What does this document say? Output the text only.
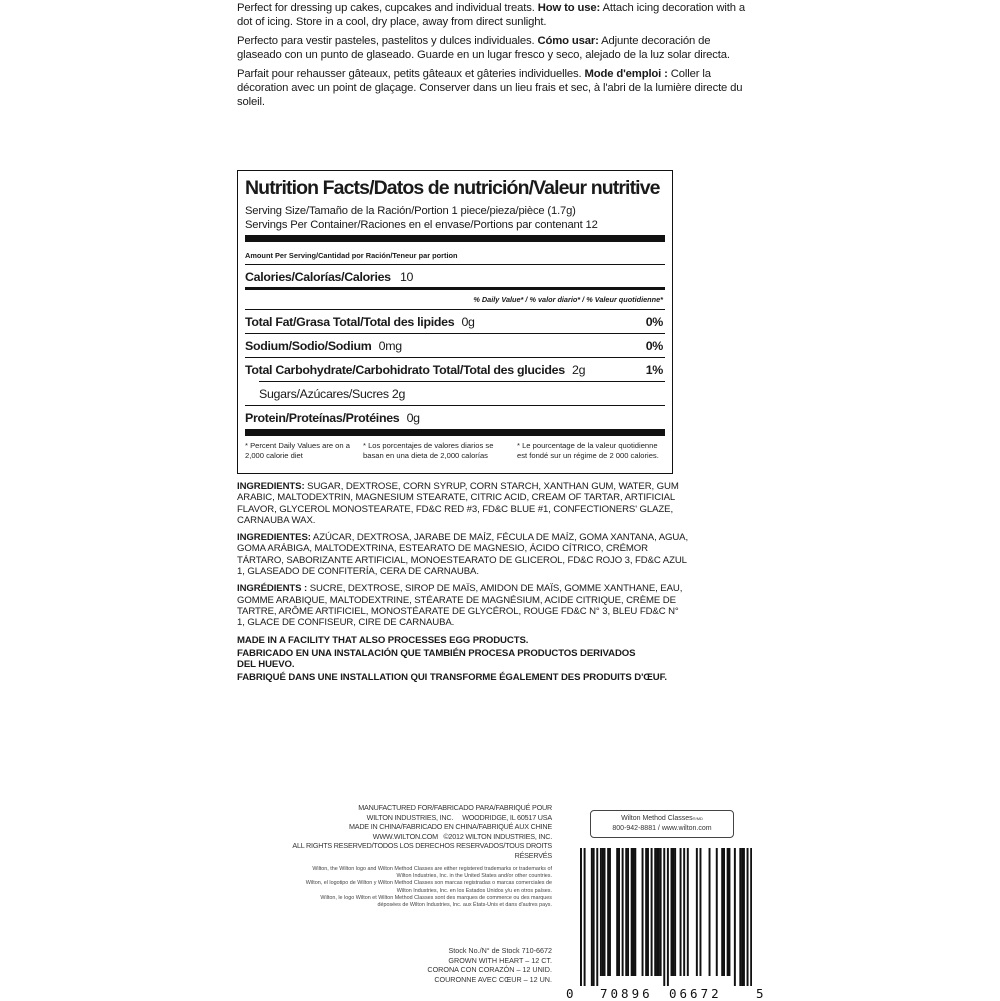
Perfect for dressing up cakes, cupcakes and individual treats. How to use: Attach icing decoration with a dot of icing. Store in a cool, dry place, away from direct sunlight.

Perfecto para vestir pasteles, pastelitos y dulces individuales. Cómo usar: Adjunte decoración de glaseado con un punto de glaseado. Guarde en un lugar fresco y seco, alejado de la luz solar directa.

Parfait pour rehausser gâteaux, petits gâteaux et gâteries individuelles. Mode d'emploi : Coller la décoration avec un point de glaçage. Conserver dans un lieu frais et sec, à l'abri de la lumière directe du soleil.

Nutrition Facts/Datos de nutrición/Valeur nutritive
Serving Size/Tamaño de la Ración/Portion 1 piece/pieza/pièce (1.7g)
Servings Per Container/Raciones en el envase/Portions par contenant 12
Amount Per Serving/Cantidad por Ración/Teneur par portion
Calories/Calorías/Calories 10
% Daily Value* / % valor diario* / % Valeur quotidienne*
Total Fat/Grasa Total/Total des lipides 0g	0%
Sodium/Sodio/Sodium 0mg	0%
Total Carbohydrate/Carbohidrato Total/Total des glucides 2g	1%
Sugars/Azúcares/Sucres 2g
Protein/Proteínas/Protéines 0g
* Percent Daily Values are on a 2,000 calorie diet
* Los porcentajes de valores diarios se basan en una dieta de 2,000 calorías
* Le pourcentage de la valeur quotidienne est fondé sur un régime de 2 000 calories.

INGREDIENTS: SUGAR, DEXTROSE, CORN SYRUP, CORN STARCH, XANTHAN GUM, WATER, GUM ARABIC, MALTODEXTRIN, MAGNESIUM STEARATE, CITRIC ACID, CREAM OF TARTAR, ARTIFICIAL FLAVOR, GLYCEROL MONOSTEARATE, FD&C RED #3, FD&C BLUE #1, CONFECTIONERS' GLAZE, CARNAUBA WAX.

INGREDIENTES: AZÚCAR, DEXTROSA, JARABE DE MAÍZ, FÉCULA DE MAÍZ, GOMA XANTANA, AGUA, GOMA ARÁBIGA, MALTODEXTRINA, ESTEARATO DE MAGNESIO, ÁCIDO CÍTRICO, CRÉMOR TÁRTARO, SABORIZANTE ARTIFICIAL, MONOESTEARATO DE GLICEROL, FD&C ROJO 3, FD&C AZUL 1, GLASEADO DE CONFITERÍA, CERA DE CARNAUBA.

INGRÉDIENTS : SUCRE, DEXTROSE, SIROP DE MAÏS, AMIDON DE MAÏS, GOMME XANTHANE, EAU, GOMME ARABIQUE, MALTODEXTRINE, STÉARATE DE MAGNÉSIUM, ACIDE CITRIQUE, CRÈME DE TARTRE, ARÔME ARTIFICIEL, MONOSTÉARATE DE GLYCÉROL, ROUGE FD&C N° 3, BLEU FD&C N° 1, GLACE DE CONFISEUR, CIRE DE CARNAUBA.

MADE IN A FACILITY THAT ALSO PROCESSES EGG PRODUCTS.

FABRICADO EN UNA INSTALACIÓN QUE TAMBIÉN PROCESA PRODUCTOS DERIVADOS DEL HUEVO.

FABRIQUÉ DANS UNE INSTALLATION QUI TRANSFORME ÉGALEMENT DES PRODUITS D'ŒUF.

MANUFACTURED FOR/FABRICADO PARA/FABRIQUÉ POUR
WILTON INDUSTRIES, INC.     WOODRIDGE, IL 60517 USA
MADE IN CHINA/FABRICADO EN CHINA/FABRIQUÉ AUX CHINE
WWW.WILTON.COM   ©2012 WILTON INDUSTRIES, INC.
ALL RIGHTS RESERVED/TODOS LOS DERECHOS RESERVADOS/TOUS DROITS RÉSERVÉS
Wilton, the Wilton logo and Wilton Method Classes are either registered trademarks or trademarks of Wilton Industries, Inc. in the United States and/or other countries.
Wilton, el logotipo de Wilton y Wilton Method Classes son marcas registradas o marcas comerciales de Wilton Industries, Inc. en los Estados Unidos y/u en otros países.
Wilton, le logo Wilton et Wilton Method Classes sont des marques de commerce ou des marques déposées de Wilton Industries, Inc. aux États-Unis et dans d'autres pays.
Stock No./N° de Stock 710-6672
GROWN WITH HEART – 12 CT.
CORONA CON CORAZÓN – 12 UNID.
COURONNE AVEC CŒUR – 12 UN.
Wilton Method Classes$^{®/MD}$
800-942-8881 / www.wilton.com
0 70896 06672	5
